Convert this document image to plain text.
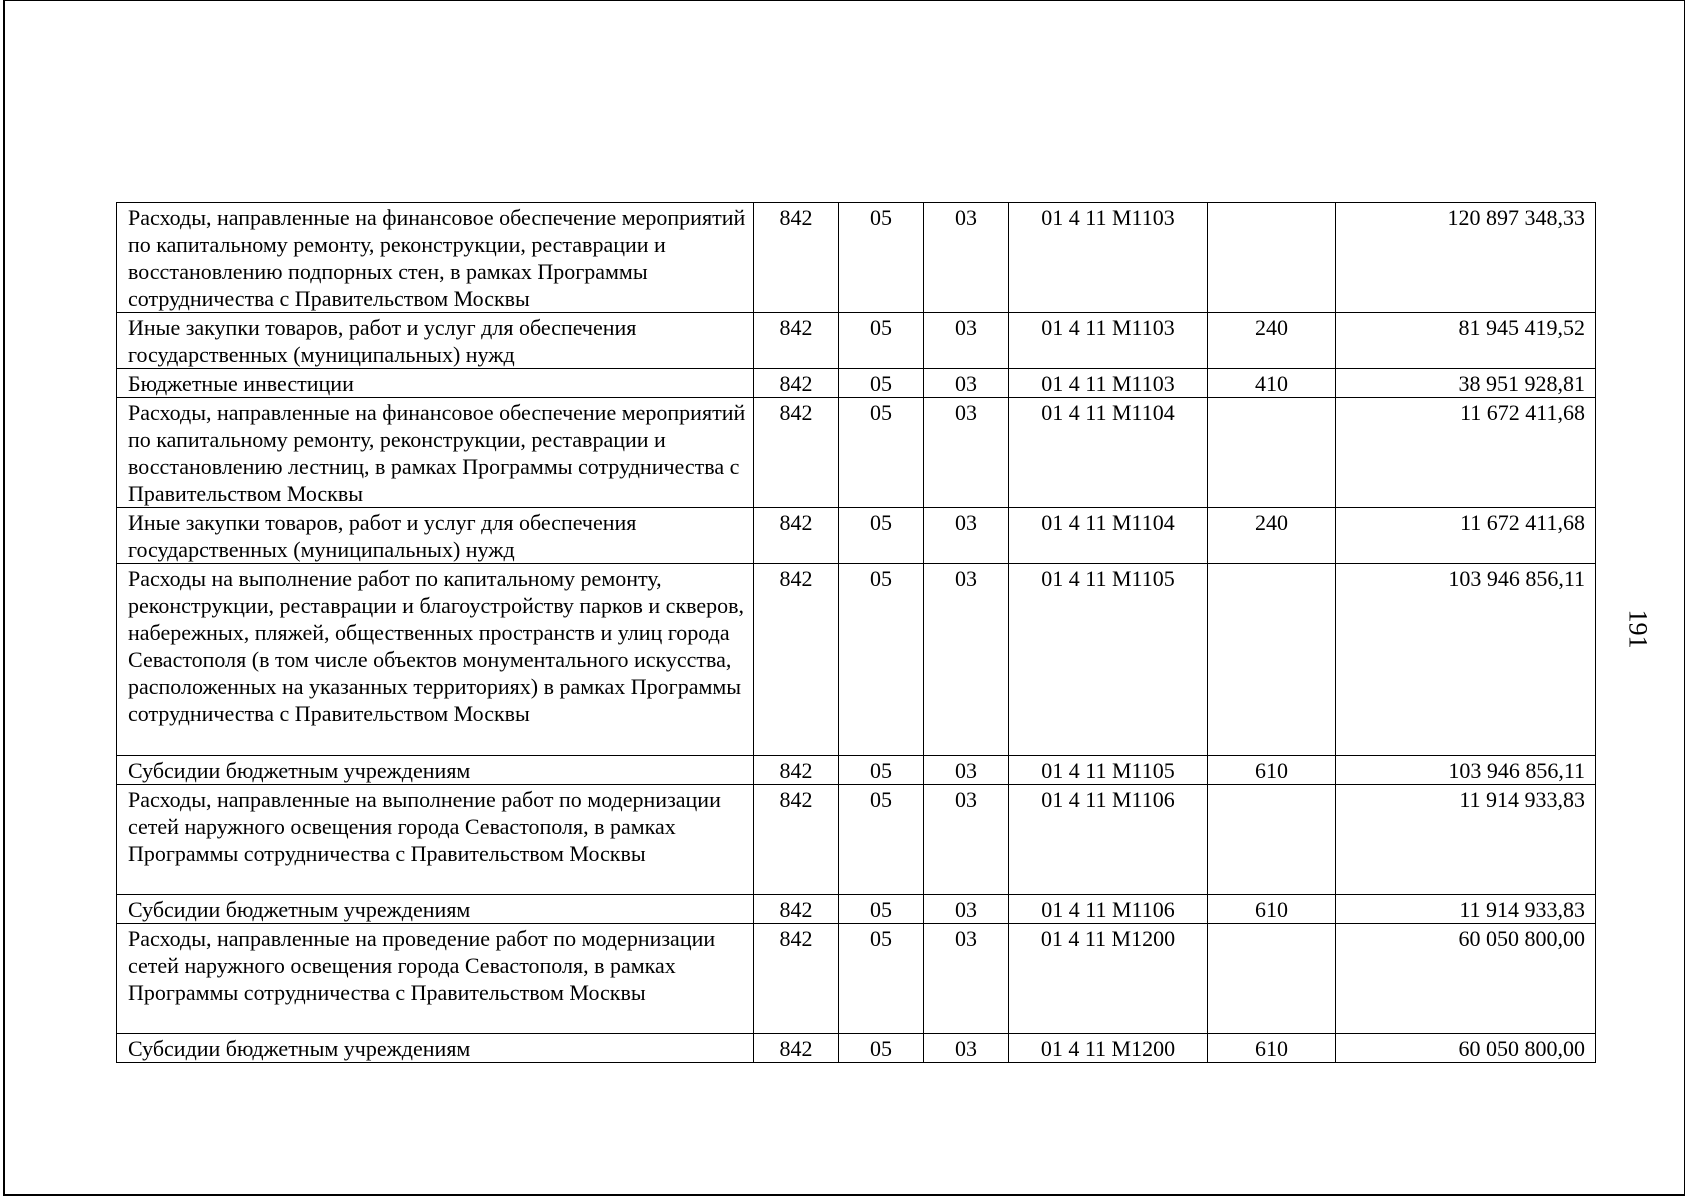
Расходы, направленные на финансовое обеспечение мероприятий по капитальному ремонту, реконструкции, реставрации и восстановлению подпорных стен, в рамках Программы сотрудничества с Правительством Москвы	842	05	03	01 4 11 M1103		120 897 348,33
Иные закупки товаров, работ и услуг для обеспечения государственных (муниципальных) нужд	842	05	03	01 4 11 M1103	240	81 945 419,52
Бюджетные инвестиции	842	05	03	01 4 11 M1103	410	38 951 928,81
Расходы, направленные на финансовое обеспечение мероприятий по капитальному ремонту, реконструкции, реставрации и восстановлению лестниц, в рамках Программы сотрудничества с Правительством Москвы	842	05	03	01 4 11 M1104		11 672 411,68
Иные закупки товаров, работ и услуг для обеспечения государственных (муниципальных) нужд	842	05	03	01 4 11 M1104	240	11 672 411,68
Расходы на выполнение работ по капитальному ремонту, реконструкции, реставрации и благоустройству парков и скверов, набережных, пляжей, общественных пространств и улиц города Севастополя (в том числе объектов монументального искусства, расположенных на указанных территориях) в рамках Программы сотрудничества с Правительством Москвы	842	05	03	01 4 11 M1105		103 946 856,11
Субсидии бюджетным учреждениям	842	05	03	01 4 11 M1105	610	103 946 856,11
Расходы, направленные на выполнение работ по модернизации сетей наружного освещения города Севастополя, в рамках Программы сотрудничества с Правительством Москвы	842	05	03	01 4 11 M1106		11 914 933,83
Субсидии бюджетным учреждениям	842	05	03	01 4 11 M1106	610	11 914 933,83
Расходы, направленные на проведение работ по модернизации сетей наружного освещения города Севастополя, в рамках Программы сотрудничества с Правительством Москвы	842	05	03	01 4 11 M1200		60 050 800,00
Субсидии бюджетным учреждениям	842	05	03	01 4 11 M1200	610	60 050 800,00
191
